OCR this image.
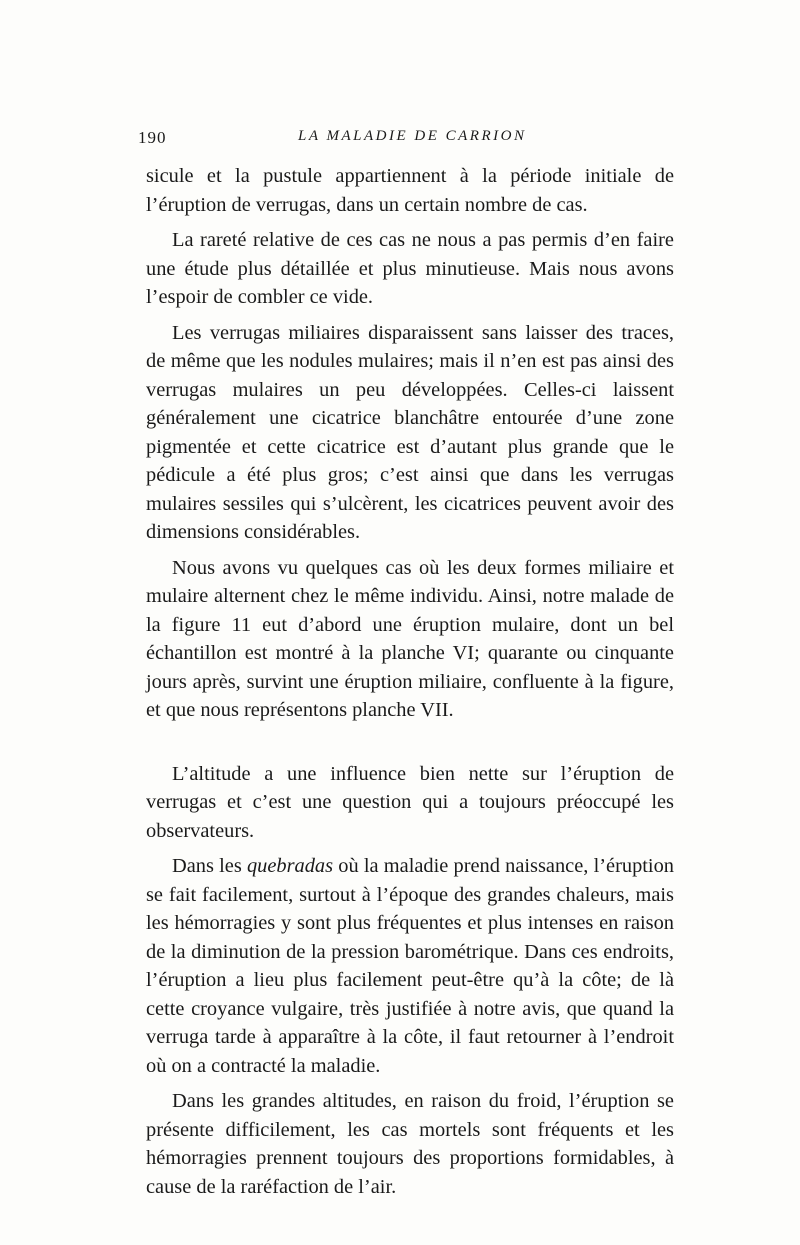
190	LA MALADIE DE CARRION

sicule et la pustule appartiennent à la période initiale de l’éruption de verrugas, dans un certain nombre de cas.

La rareté relative de ces cas ne nous a pas permis d’en faire une étude plus détaillée et plus minutieuse. Mais nous avons l’espoir de combler ce vide.

Les verrugas miliaires disparaissent sans laisser des traces, de même que les nodules mulaires; mais il n’en est pas ainsi des verrugas mulaires un peu développées. Celles-ci laissent généralement une cicatrice blanchâtre entourée d’une zone pigmentée et cette cicatrice est d’autant plus grande que le pédicule a été plus gros; c’est ainsi que dans les verrugas mulaires sessiles qui s’ulcèrent, les cicatrices peuvent avoir des dimensions considérables.

Nous avons vu quelques cas où les deux formes miliaire et mulaire alternent chez le même individu. Ainsi, notre malade de la figure 11 eut d’abord une éruption mulaire, dont un bel échantillon est montré à la planche VI; quarante ou cinquante jours après, survint une éruption miliaire, confluente à la figure, et que nous représentons planche VII.

L’altitude a une influence bien nette sur l’éruption de verrugas et c’est une question qui a toujours préoccupé les observateurs.

Dans les quebradas où la maladie prend naissance, l’éruption se fait facilement, surtout à l’époque des grandes chaleurs, mais les hémorragies y sont plus fréquentes et plus intenses en raison de la diminution de la pression barométrique. Dans ces endroits, l’éruption a lieu plus facilement peut-être qu’à la côte; de là cette croyance vulgaire, très justifiée à notre avis, que quand la verruga tarde à apparaître à la côte, il faut retourner à l’endroit où on a contracté la maladie.

Dans les grandes altitudes, en raison du froid, l’éruption se présente difficilement, les cas mortels sont fréquents et les hémorragies prennent toujours des proportions formidables, à cause de la raréfaction de l’air.
